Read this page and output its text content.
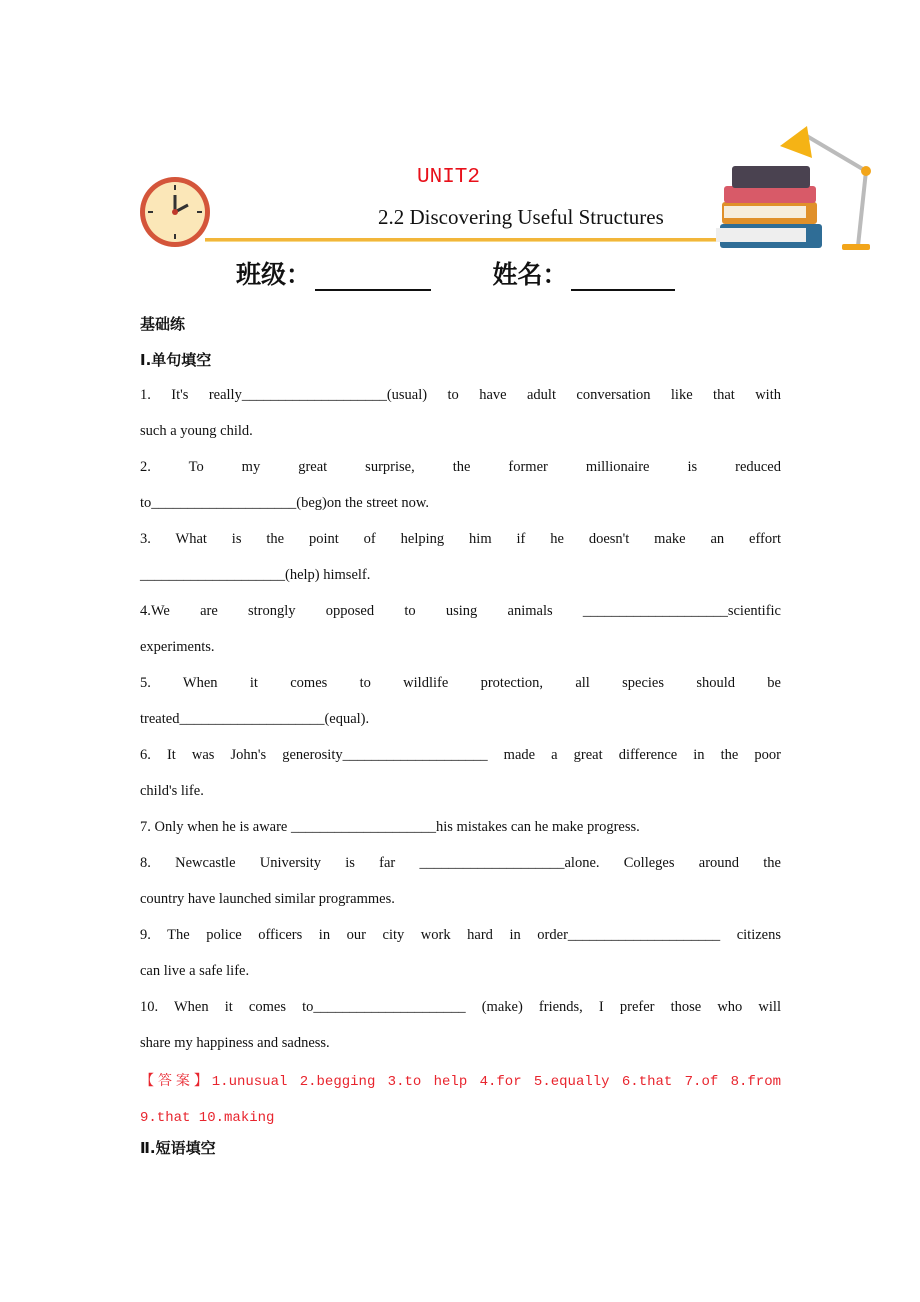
UNIT2
2.2 Discovering Useful Structures
班级：	姓名：
基础练
Ⅰ.单句填空
1. It's really____________________(usual) to have adult conversation like that with
such a young child.
2. To my great surprise, the former millionaire is reduced
to____________________(beg)on the street now.
3. What is the point of helping him if he doesn't make an effort
____________________(help) himself.
4.We are strongly opposed to using animals ____________________scientific
experiments.
5. When it comes to wildlife protection, all species should be
treated____________________(equal).
6. It was John's generosity____________________ made a great difference in the poor
child's life.
7. Only when he is aware ____________________his mistakes can he make progress.
8. Newcastle University is far ____________________alone. Colleges around the
country have launched similar programmes.
9. The police officers in our city work hard in order_____________________ citizens
can live a safe life.
10. When it comes to_____________________ (make) friends, I prefer those who will
share my happiness and sadness.
【答案】1.unusual 2.begging 3.to help 4.for 5.equally 6.that 7.of 8.from
9.that 10.making
Ⅱ.短语填空
